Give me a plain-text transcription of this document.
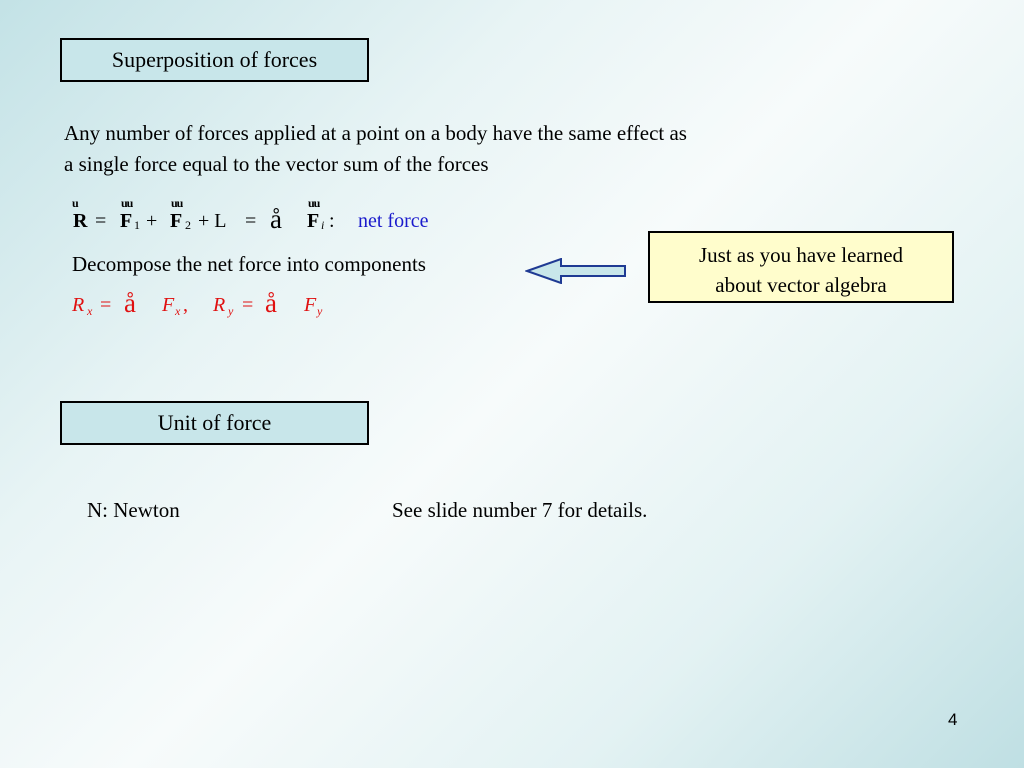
Superposition of forces
Any number of forces applied at a point on a body have the same effect as
a single force equal to the vector sum of the forces
u
R =
uu
F 1 +
uu
F 2 + L = å
uu
F i : net force
Decompose the net force into components
R x = å F x , R y = å F y
Just as you have learned
about vector algebra
Unit of force
N: Newton	See slide number 7 for details.
4
